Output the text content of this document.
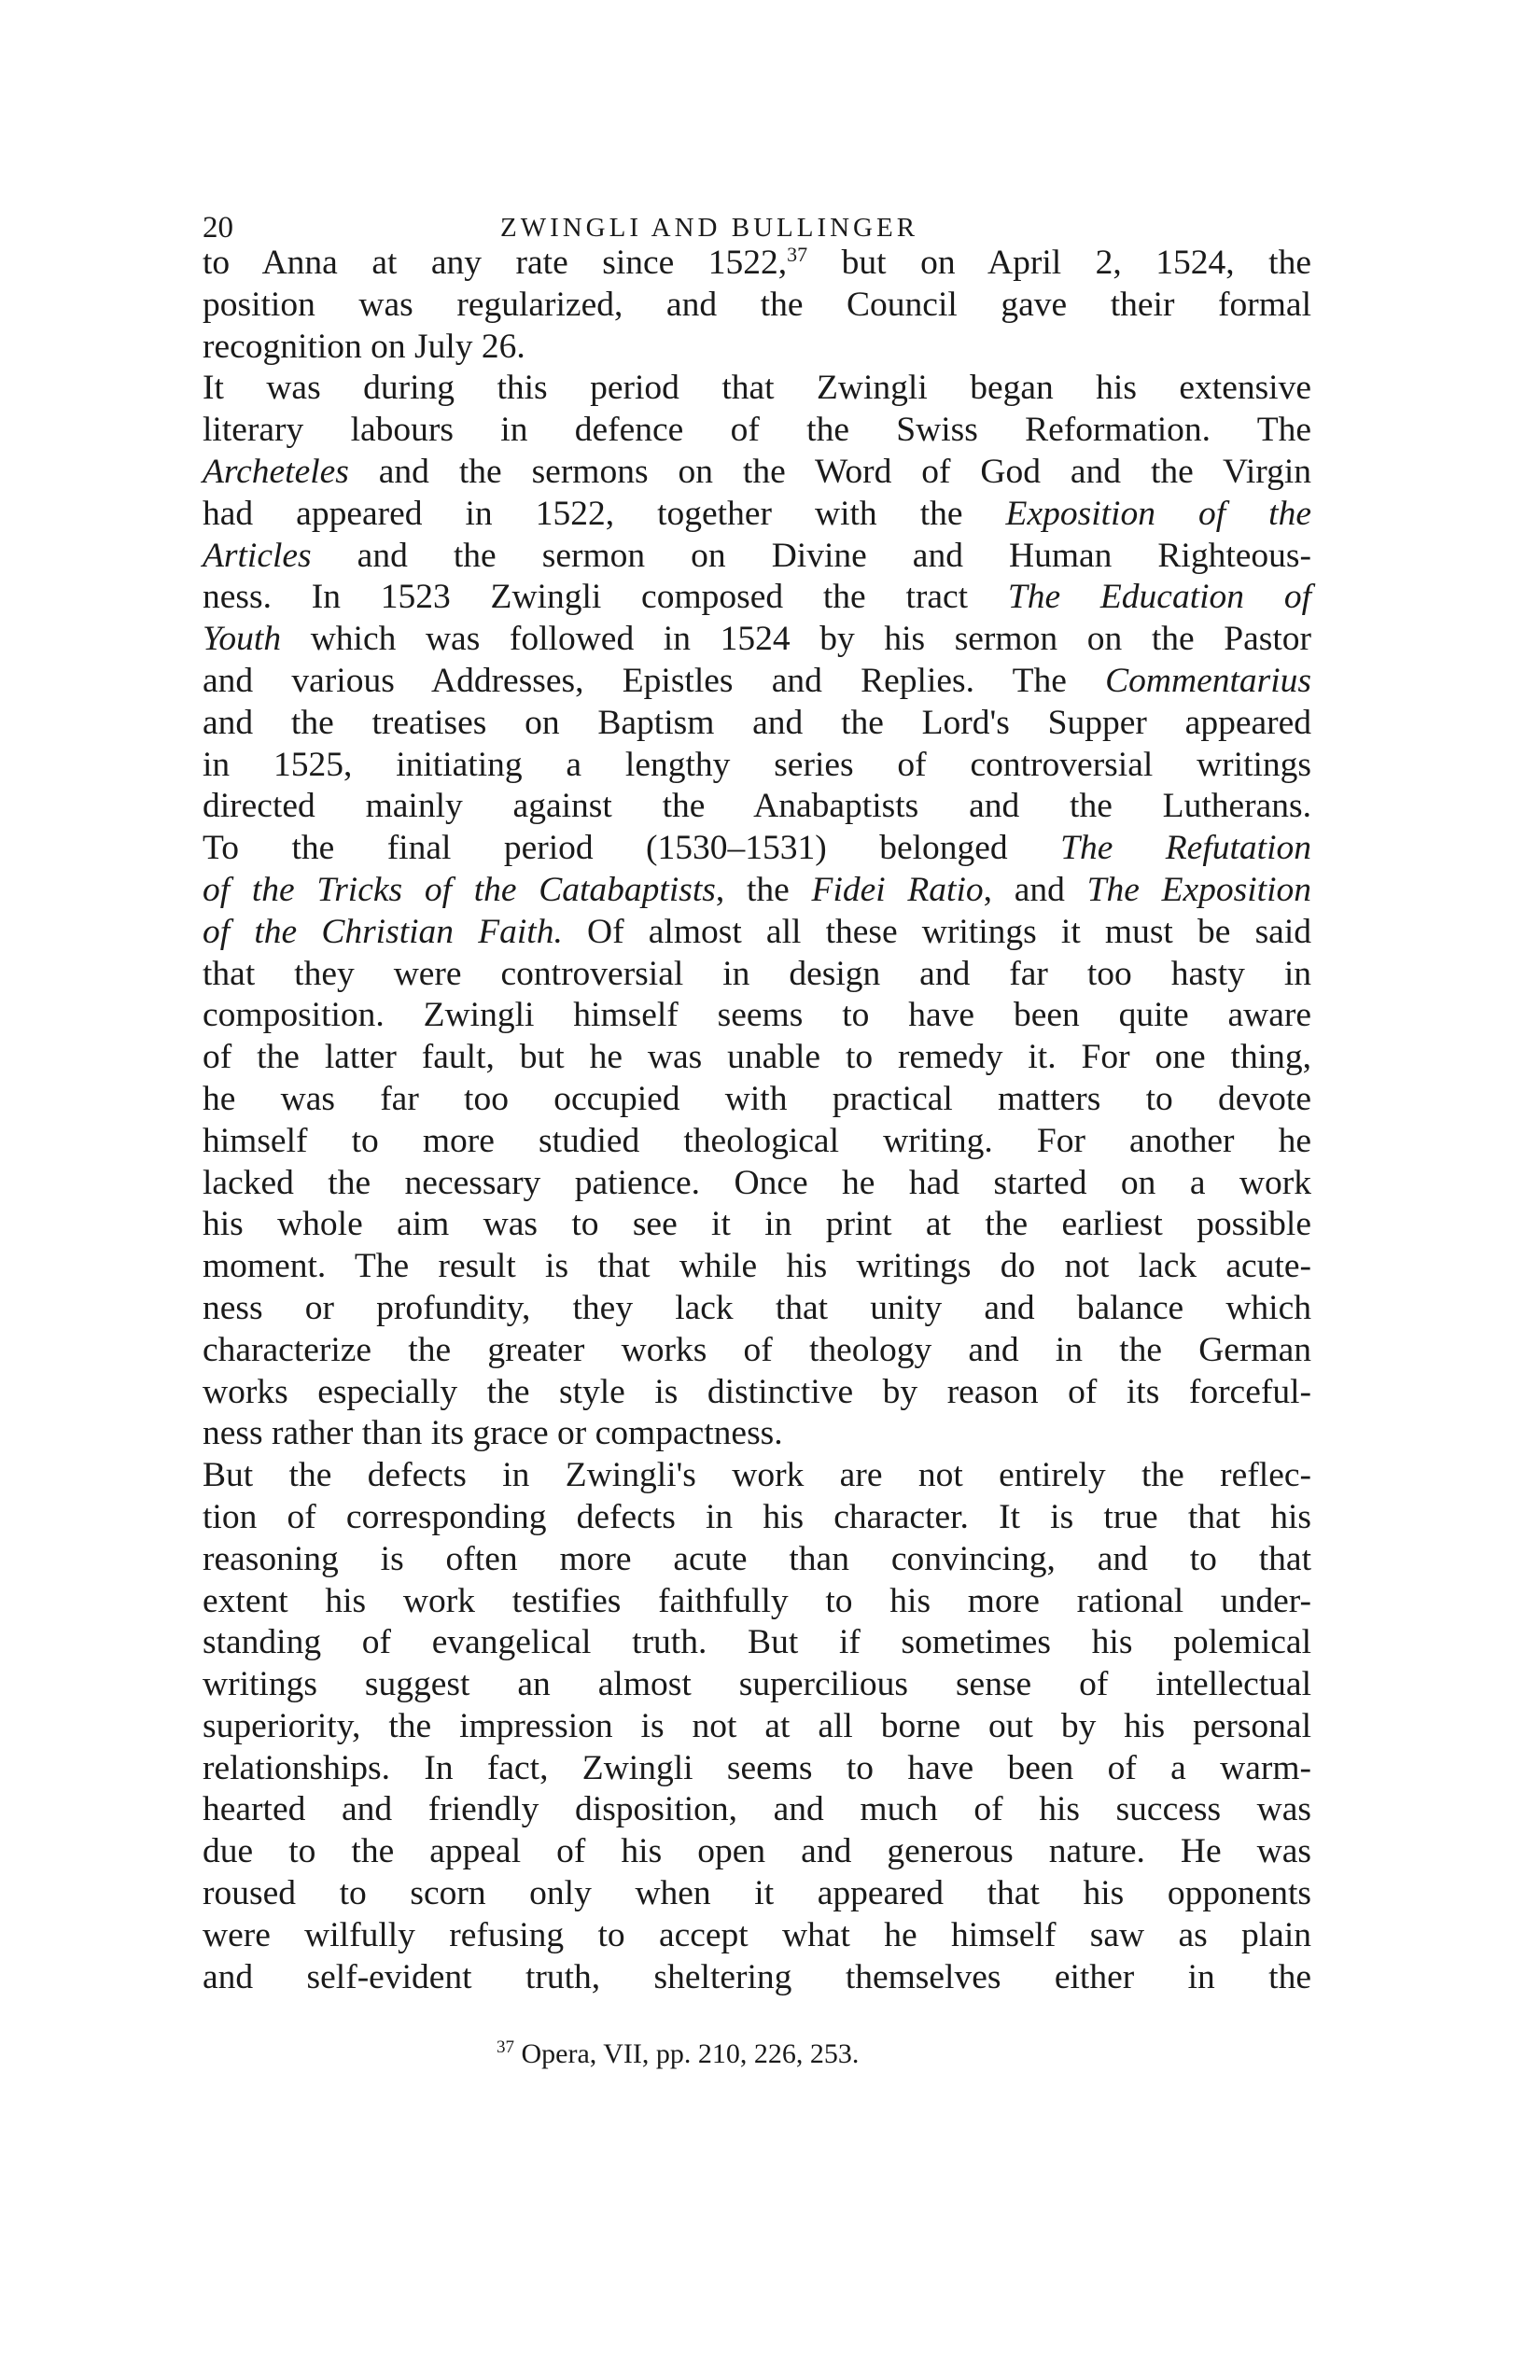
20	ZWINGLI AND BULLINGER
to Anna at any rate since 1522,37 but on April 2, 1524, the
position was regularized, and the Council gave their formal
recognition on July 26.
It was during this period that Zwingli began his extensive
literary labours in defence of the Swiss Reformation. The
Archeteles and the sermons on the Word of God and the Virgin
had appeared in 1522, together with the Exposition of the
Articles and the sermon on Divine and Human Righteous-
ness. In 1523 Zwingli composed the tract The Education of
Youth which was followed in 1524 by his sermon on the Pastor
and various Addresses, Epistles and Replies. The Commentarius
and the treatises on Baptism and the Lord's Supper appeared
in 1525, initiating a lengthy series of controversial writings
directed mainly against the Anabaptists and the Lutherans.
To the final period (1530–1531) belonged The Refutation
of the Tricks of the Catabaptists, the Fidei Ratio, and The Exposition
of the Christian Faith. Of almost all these writings it must be said
that they were controversial in design and far too hasty in
composition. Zwingli himself seems to have been quite aware
of the latter fault, but he was unable to remedy it. For one thing,
he was far too occupied with practical matters to devote
himself to more studied theological writing. For another he
lacked the necessary patience. Once he had started on a work
his whole aim was to see it in print at the earliest possible
moment. The result is that while his writings do not lack acute-
ness or profundity, they lack that unity and balance which
characterize the greater works of theology and in the German
works especially the style is distinctive by reason of its forceful-
ness rather than its grace or compactness.
But the defects in Zwingli's work are not entirely the reflec-
tion of corresponding defects in his character. It is true that his
reasoning is often more acute than convincing, and to that
extent his work testifies faithfully to his more rational under-
standing of evangelical truth. But if sometimes his polemical
writings suggest an almost supercilious sense of intellectual
superiority, the impression is not at all borne out by his personal
relationships. In fact, Zwingli seems to have been of a warm-
hearted and friendly disposition, and much of his success was
due to the appeal of his open and generous nature. He was
roused to scorn only when it appeared that his opponents
were wilfully refusing to accept what he himself saw as plain
and self-evident truth, sheltering themselves either in the
$^{37}$ Opera, VII, pp. 210, 226, 253.
